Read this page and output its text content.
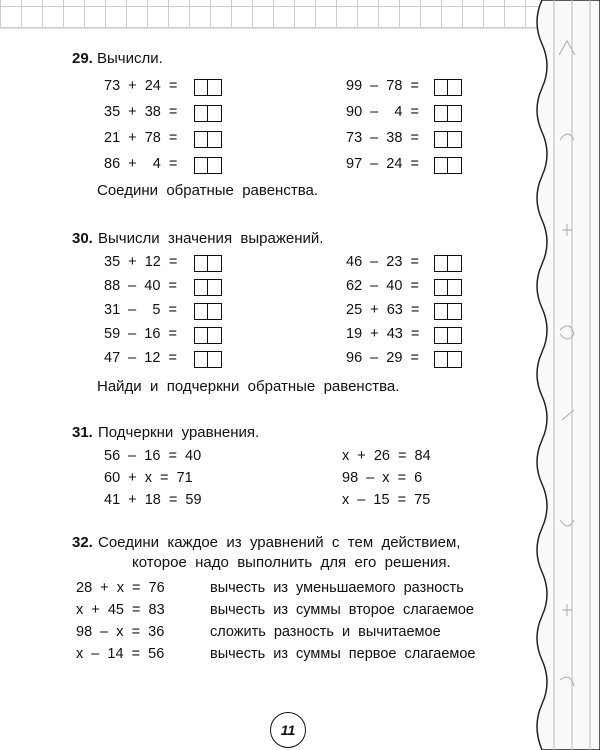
29. Вычисли.
73  +  24  =
35  +  38  =
21  +  78  =
86  +    4  =
99  –  78  =
90  –    4  =
73  –  38  =
97  –  24  =
Соедини  обратные  равенства.
30. Вычисли  значения  выражений.
35  +  12  =
88  –  40  =
31  –    5  =
59  –  16  =
47  –  12  =
46  –  23  =
62  –  40  =
25  +  63  =
19  +  43  =
96  –  29  =
Найди  и  подчеркни  обратные  равенства.
31. Подчеркни  уравнения.
56  –  16  =  40
60  +  x  =  71
41  +  18  =  59
x  +  26  =  84
98  –  x  =  6
x  –  15  =  75
32. Соедини  каждое  из  уравнений  с  тем  действием,
которое  надо  выполнить  для  его  решения.
28  +  x  =  76
x  +  45  =  83
98  –  x  =  36
x  –  14  =  56
вычесть  из  уменьшаемого  разность
вычесть  из  суммы  второе  слагаемое
сложить  разность  и  вычитаемое
вычесть  из  суммы  первое  слагаемое
11
